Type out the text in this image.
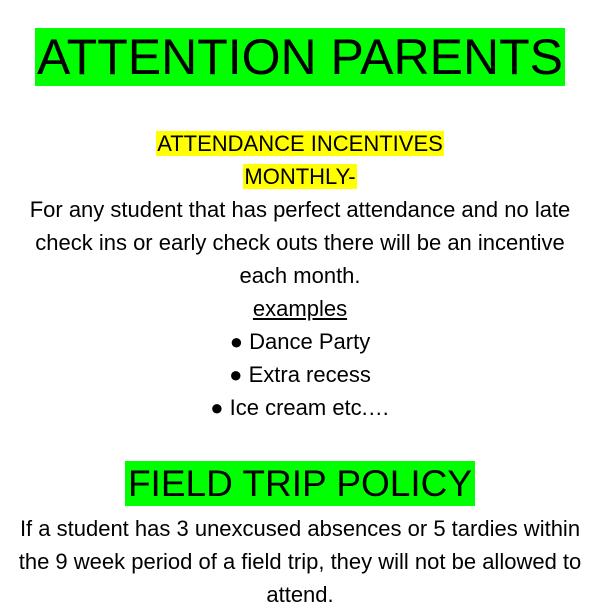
ATTENTION PARENTS
ATTENDANCE INCENTIVES
MONTHLY-

For any student that has perfect attendance and no late check ins or early check outs there will be an incentive each month.
examples
● Dance Party
● Extra recess
● Ice cream etc.…
FIELD TRIP POLICY
If a student has 3 unexcused absences or 5 tardies within the 9 week period of a field trip, they will not be allowed to attend.
